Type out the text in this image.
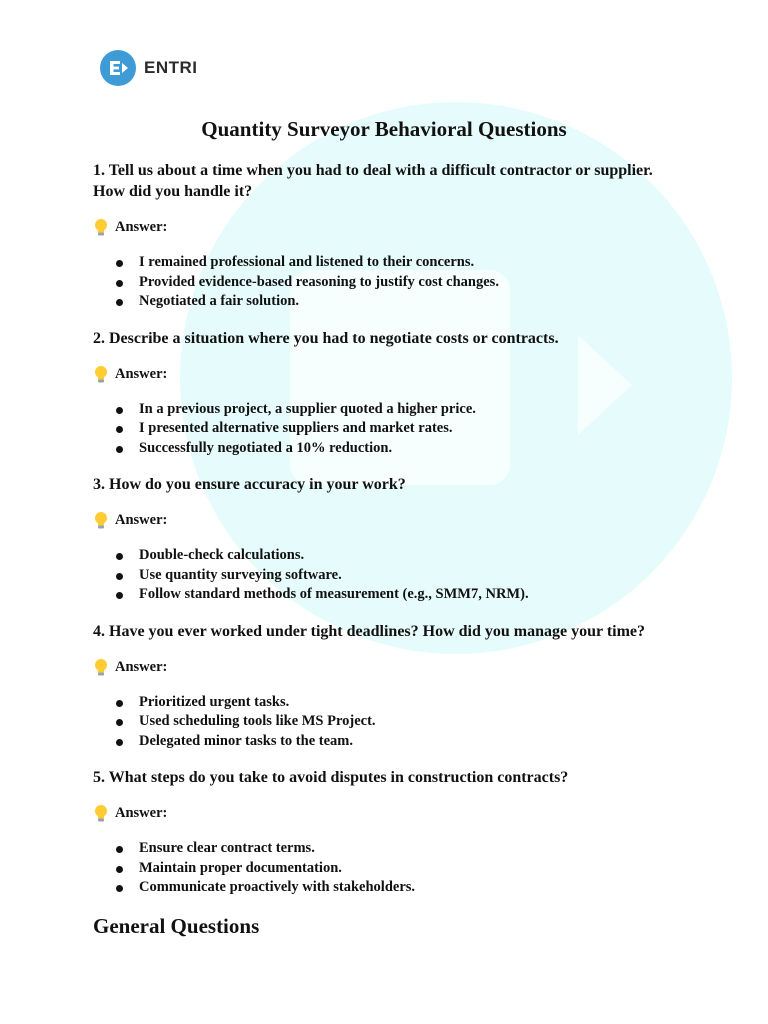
ENTRI
Quantity Surveyor Behavioral Questions

1. Tell us about a time when you had to deal with a difficult contractor or supplier. How did you handle it?

Answer:
I remained professional and listened to their concerns.
Provided evidence-based reasoning to justify cost changes.
Negotiated a fair solution.

2. Describe a situation where you had to negotiate costs or contracts.

Answer:
In a previous project, a supplier quoted a higher price.
I presented alternative suppliers and market rates.
Successfully negotiated a 10% reduction.

3. How do you ensure accuracy in your work?

Answer:
Double-check calculations.
Use quantity surveying software.
Follow standard methods of measurement (e.g., SMM7, NRM).

4. Have you ever worked under tight deadlines? How did you manage your time?

Answer:
Prioritized urgent tasks.
Used scheduling tools like MS Project.
Delegated minor tasks to the team.

5. What steps do you take to avoid disputes in construction contracts?

Answer:
Ensure clear contract terms.
Maintain proper documentation.
Communicate proactively with stakeholders.
General Questions
